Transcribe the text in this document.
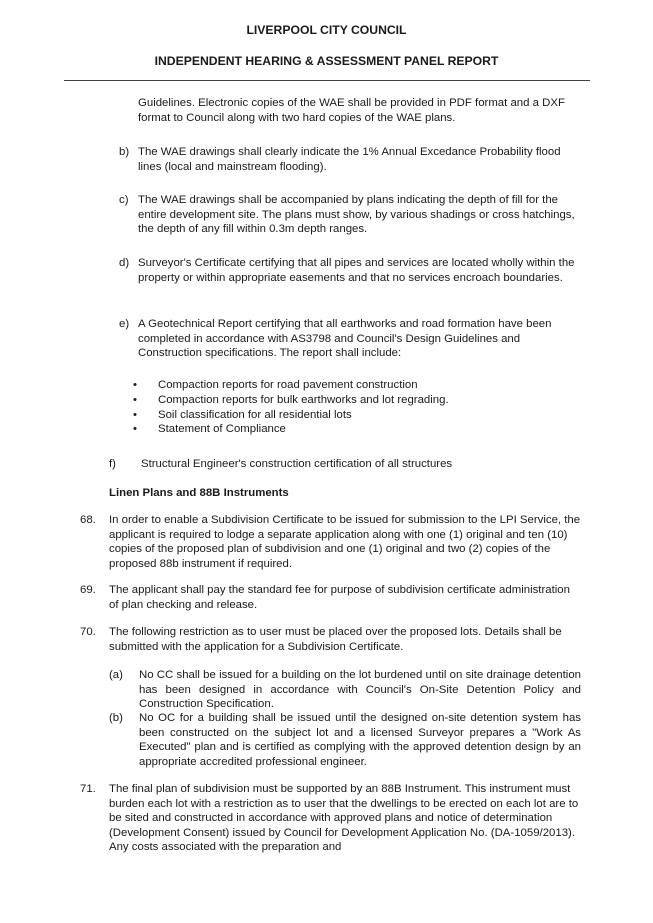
LIVERPOOL CITY COUNCIL
INDEPENDENT HEARING & ASSESSMENT PANEL REPORT

Guidelines. Electronic copies of the WAE shall be provided in PDF format and a DXF format to Council along with two hard copies of the WAE plans.

b) The WAE drawings shall clearly indicate the 1% Annual Excedance Probability flood lines (local and mainstream flooding).

c) The WAE drawings shall be accompanied by plans indicating the depth of fill for the entire development site. The plans must show, by various shadings or cross hatchings, the depth of any fill within 0.3m depth ranges.

d) Surveyor's Certificate certifying that all pipes and services are located wholly within the property or within appropriate easements and that no services encroach boundaries.

e) A Geotechnical Report certifying that all earthworks and road formation have been completed in accordance with AS3798 and Council's Design Guidelines and Construction specifications. The report shall include:

• Compaction reports for road pavement construction
• Compaction reports for bulk earthworks and lot regrading.
• Soil classification for all residential lots
• Statement of Compliance
f) Structural Engineer's construction certification of all structures

Linen Plans and 88B Instruments
68. In order to enable a Subdivision Certificate to be issued for submission to the LPI Service, the applicant is required to lodge a separate application along with one (1) original and ten (10) copies of the proposed plan of subdivision and one (1) original and two (2) copies of the proposed 88b instrument if required.

69. The applicant shall pay the standard fee for purpose of subdivision certificate administration of plan checking and release.

70. The following restriction as to user must be placed over the proposed lots. Details shall be submitted with the application for a Subdivision Certificate.

(a) No CC shall be issued for a building on the lot burdened until on site drainage detention has been designed in accordance with Council's On-Site Detention Policy and Construction Specification.

(b) No OC for a building shall be issued until the designed on-site detention system has been constructed on the subject lot and a licensed Surveyor prepares a "Work As Executed" plan and is certified as complying with the approved detention design by an appropriate accredited professional engineer.

71. The final plan of subdivision must be supported by an 88B Instrument. This instrument must burden each lot with a restriction as to user that the dwellings to be erected on each lot are to be sited and constructed in accordance with approved plans and notice of determination (Development Consent) issued by Council for Development Application No. (DA-1059/2013). Any costs associated with the preparation and
